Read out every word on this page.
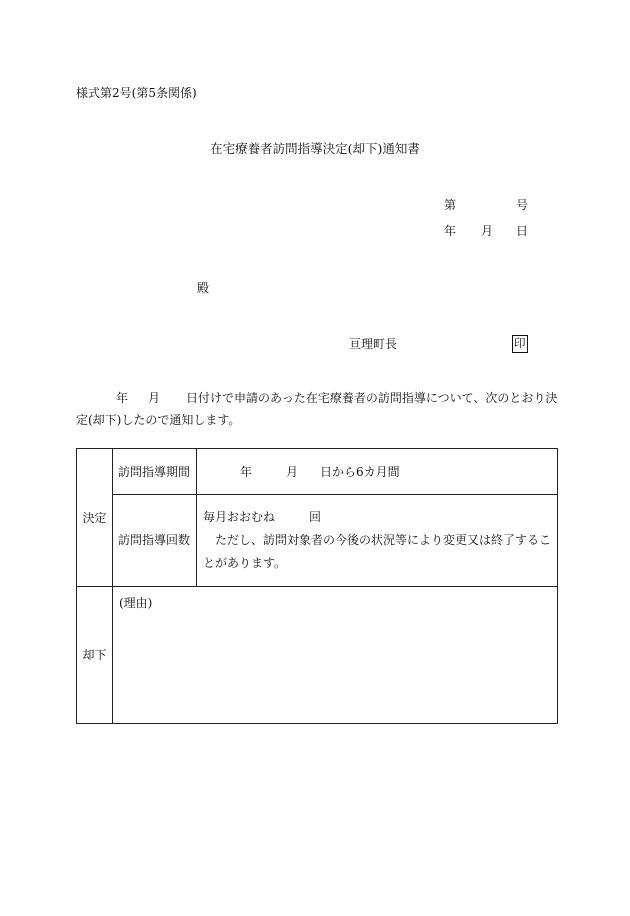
様式第2号(第5条関係)
在宅療養者訪問指導決定(却下)通知書
第	号
年 月 日
殿
亘理町長	印
年 月 日付けで申請のあった在宅療養者の訪問指導について、次のとおり決
定(却下)したので通知します。
決定	訪問指導期間	年 月 日から6カ月間

	訪問指導回数	毎月おおむね 回
ただし、訪問対象者の今後の状況等により変更又は終了するこ
とがあります。

却下	(理由)	
